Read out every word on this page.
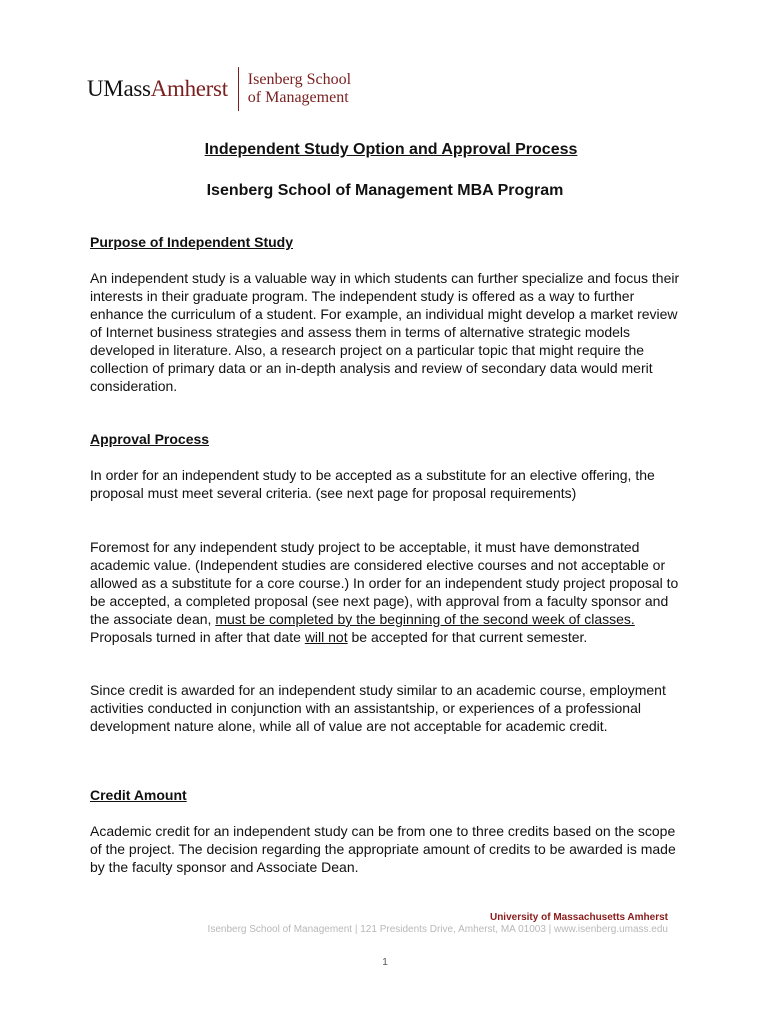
UMassAmherst Isenberg School
of Management
Independent Study Option and Approval Process
Isenberg School of Management MBA Program
Purpose of Independent Study
An independent study is a valuable way in which students can further specialize and focus their interests in their graduate program. The independent study is offered as a way to further enhance the curriculum of a student. For example, an individual might develop a market review of Internet business strategies and assess them in terms of alternative strategic models developed in literature. Also, a research project on a particular topic that might require the collection of primary data or an in-depth analysis and review of secondary data would merit consideration.
Approval Process
In order for an independent study to be accepted as a substitute for an elective offering, the proposal must meet several criteria. (see next page for proposal requirements)
Foremost for any independent study project to be acceptable, it must have demonstrated academic value. (Independent studies are considered elective courses and not acceptable or allowed as a substitute for a core course.) In order for an independent study project proposal to be accepted, a completed proposal (see next page), with approval from a faculty sponsor and the associate dean, must be completed by the beginning of the second week of classes. Proposals turned in after that date will not be accepted for that current semester.
Since credit is awarded for an independent study similar to an academic course, employment activities conducted in conjunction with an assistantship, or experiences of a professional development nature alone, while all of value are not acceptable for academic credit.
Credit Amount
Academic credit for an independent study can be from one to three credits based on the scope of the project. The decision regarding the appropriate amount of credits to be awarded is made by the faculty sponsor and Associate Dean.
University of Massachusetts Amherst
Isenberg School of Management | 121 Presidents Drive, Amherst, MA 01003 | www.isenberg.umass.edu
1
